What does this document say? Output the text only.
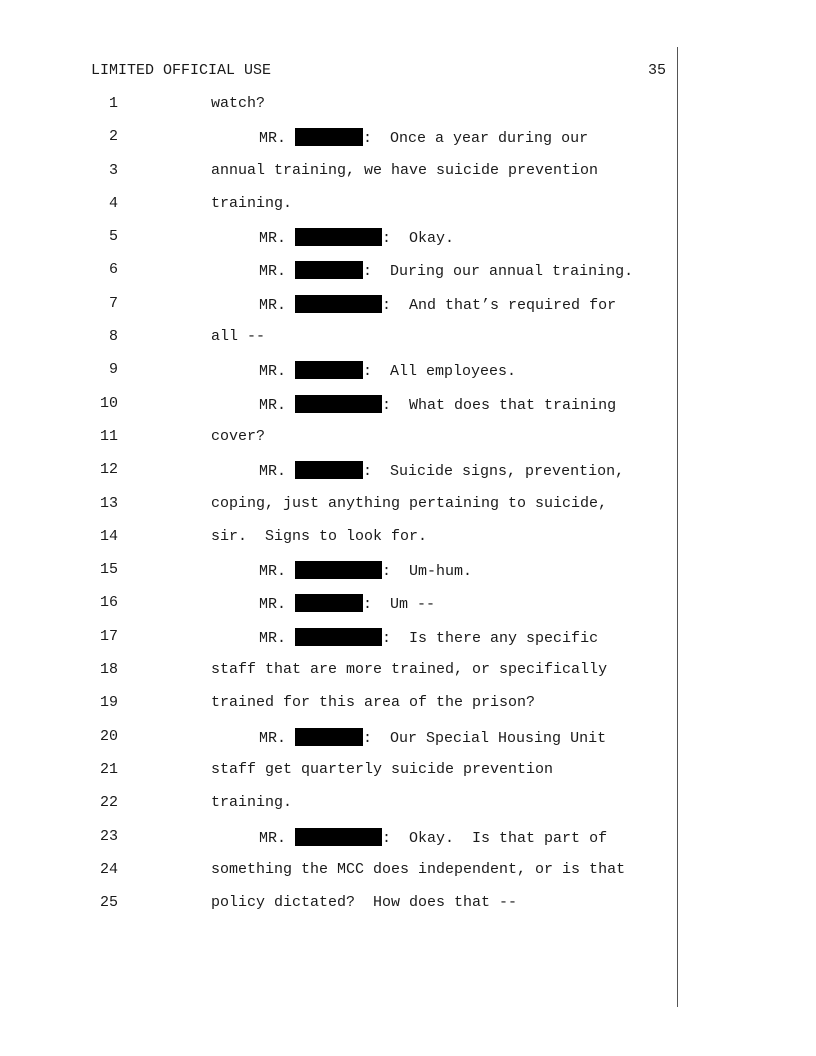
LIMITED OFFICIAL USE	35
1	watch?
2	MR.	:  Once a year during our
3	annual training, we have suicide prevention
4	training.
5	MR.	:  Okay.
6	MR.	:  During our annual training.
7	MR.	:  And that’s required for
8	all --
9	MR.	:  All employees.
10	MR.	:  What does that training
11	cover?
12	MR.	:  Suicide signs, prevention,
13	coping, just anything pertaining to suicide,
14	sir.  Signs to look for.
15	MR.	:  Um-hum.
16	MR.	:  Um --
17	MR.	:  Is there any specific
18	staff that are more trained, or specifically
19	trained for this area of the prison?
20	MR.	:  Our Special Housing Unit
21	staff get quarterly suicide prevention
22	training.
23	MR.	:  Okay.  Is that part of
24	something the MCC does independent, or is that
25	policy dictated?  How does that --
